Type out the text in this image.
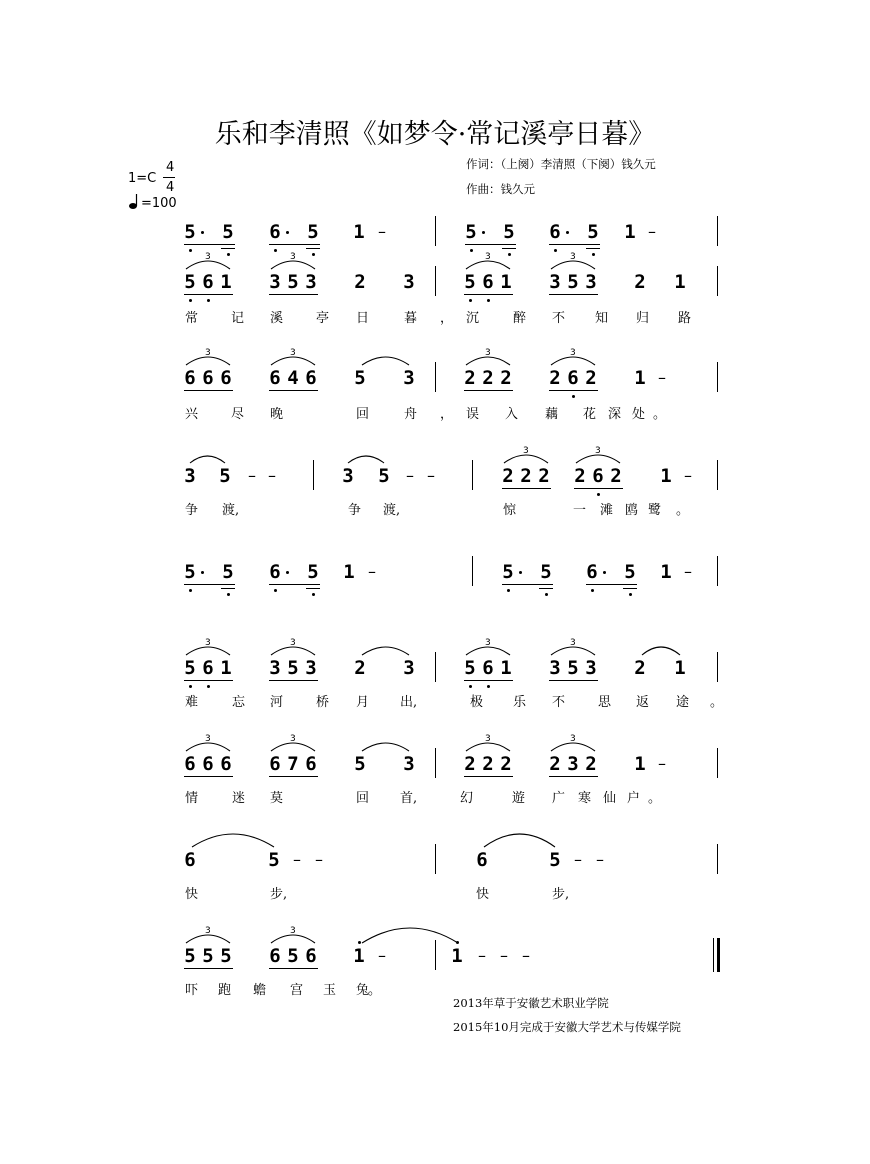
乐和李清照《如梦令·常记溪亭日暮》
作词：（上阕）李清照（下阕）钱久元
作曲：钱久元
1=C
4
4
=100
5 5 6 5 1 –	5 5 6 5 1 –
5 6 1
3
3 5 3
3
2 3	5 6 1
3
3 5 3
3
2 1
6 6 6
3
6 4 6
3
5 3	2 2 2
3
2 6 2
3
1 –
3 5 – –	3 5 – –	2 2 2
3
2 6 2
3
1 –
5 5 6 5 1 –	5 5 6 5 1 –
5 6 1
3
3 5 3
3
2 3	5 6 1
3
3 5 3
3
2 1
6 6 6
3
6 7 6
3
5 3	2 2 2
3
2 3 2
3
1 –
6	5 – –	6	5 – –
5 5 5
3
6 5 6
3
1 –	1 – – –
常	记 溪	亭 日	暮 ， 沉	醉 不 知 归 路
兴	尽 晚	回	舟 ， 误 入 藕 花 深 处 。
争 渡,	争 渡,	惊	一 滩 鸥 鹭 。
难	忘 河	桥 月 出,	极 乐 不	思 返 途 。
情	迷 莫	回 首,	幻	遊 广 寒 仙 户 。
快	步,	快	步,
吓 跑 蟾 宫 玉 兔
。
2013年草于安徽艺术职业学院
2015年10月完成于安徽大学艺术与传媒学院
